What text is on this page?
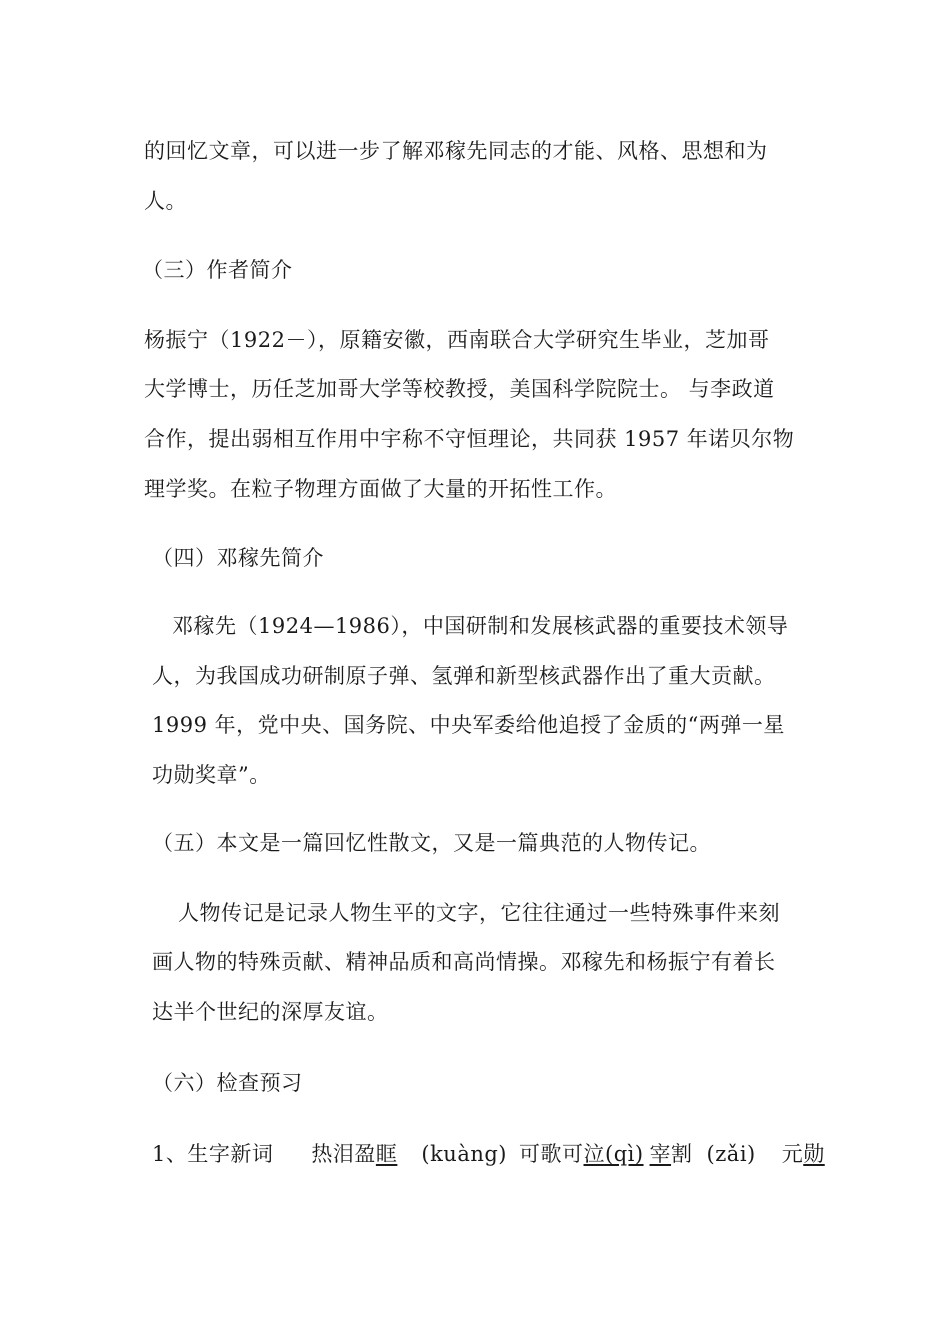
的回忆文章，可以进一步了解邓稼先同志的才能、风格、思想和为
人。
（三）作者简介
杨振宁（1922－），原籍安徽，西南联合大学研究生毕业，芝加哥
大学博士，历任芝加哥大学等校教授，美国科学院院士。 与李政道
合作，提出弱相互作用中宇称不守恒理论，共同获 1957 年诺贝尔物
理学奖。在粒子物理方面做了大量的开拓性工作。
（四）邓稼先简介
邓稼先（1924—1986），中国研制和发展核武器的重要技术领导
人，为我国成功研制原子弹、氢弹和新型核武器作出了重大贡献。
1999 年，党中央、国务院、中央军委给他追授了金质的“两弹一星
功勋奖章”。
（五）本文是一篇回忆性散文，又是一篇典范的人物传记。
人物传记是记录人物生平的文字，它往往通过一些特殊事件来刻
画人物的特殊贡献、精神品质和高尚情操。邓稼先和杨振宁有着长
达半个世纪的深厚友谊。
（六）检查预习
1、生字新词 热泪盈眶 (kuàng) 可歌可泣(qì) 宰割 (zǎi) 元勋
